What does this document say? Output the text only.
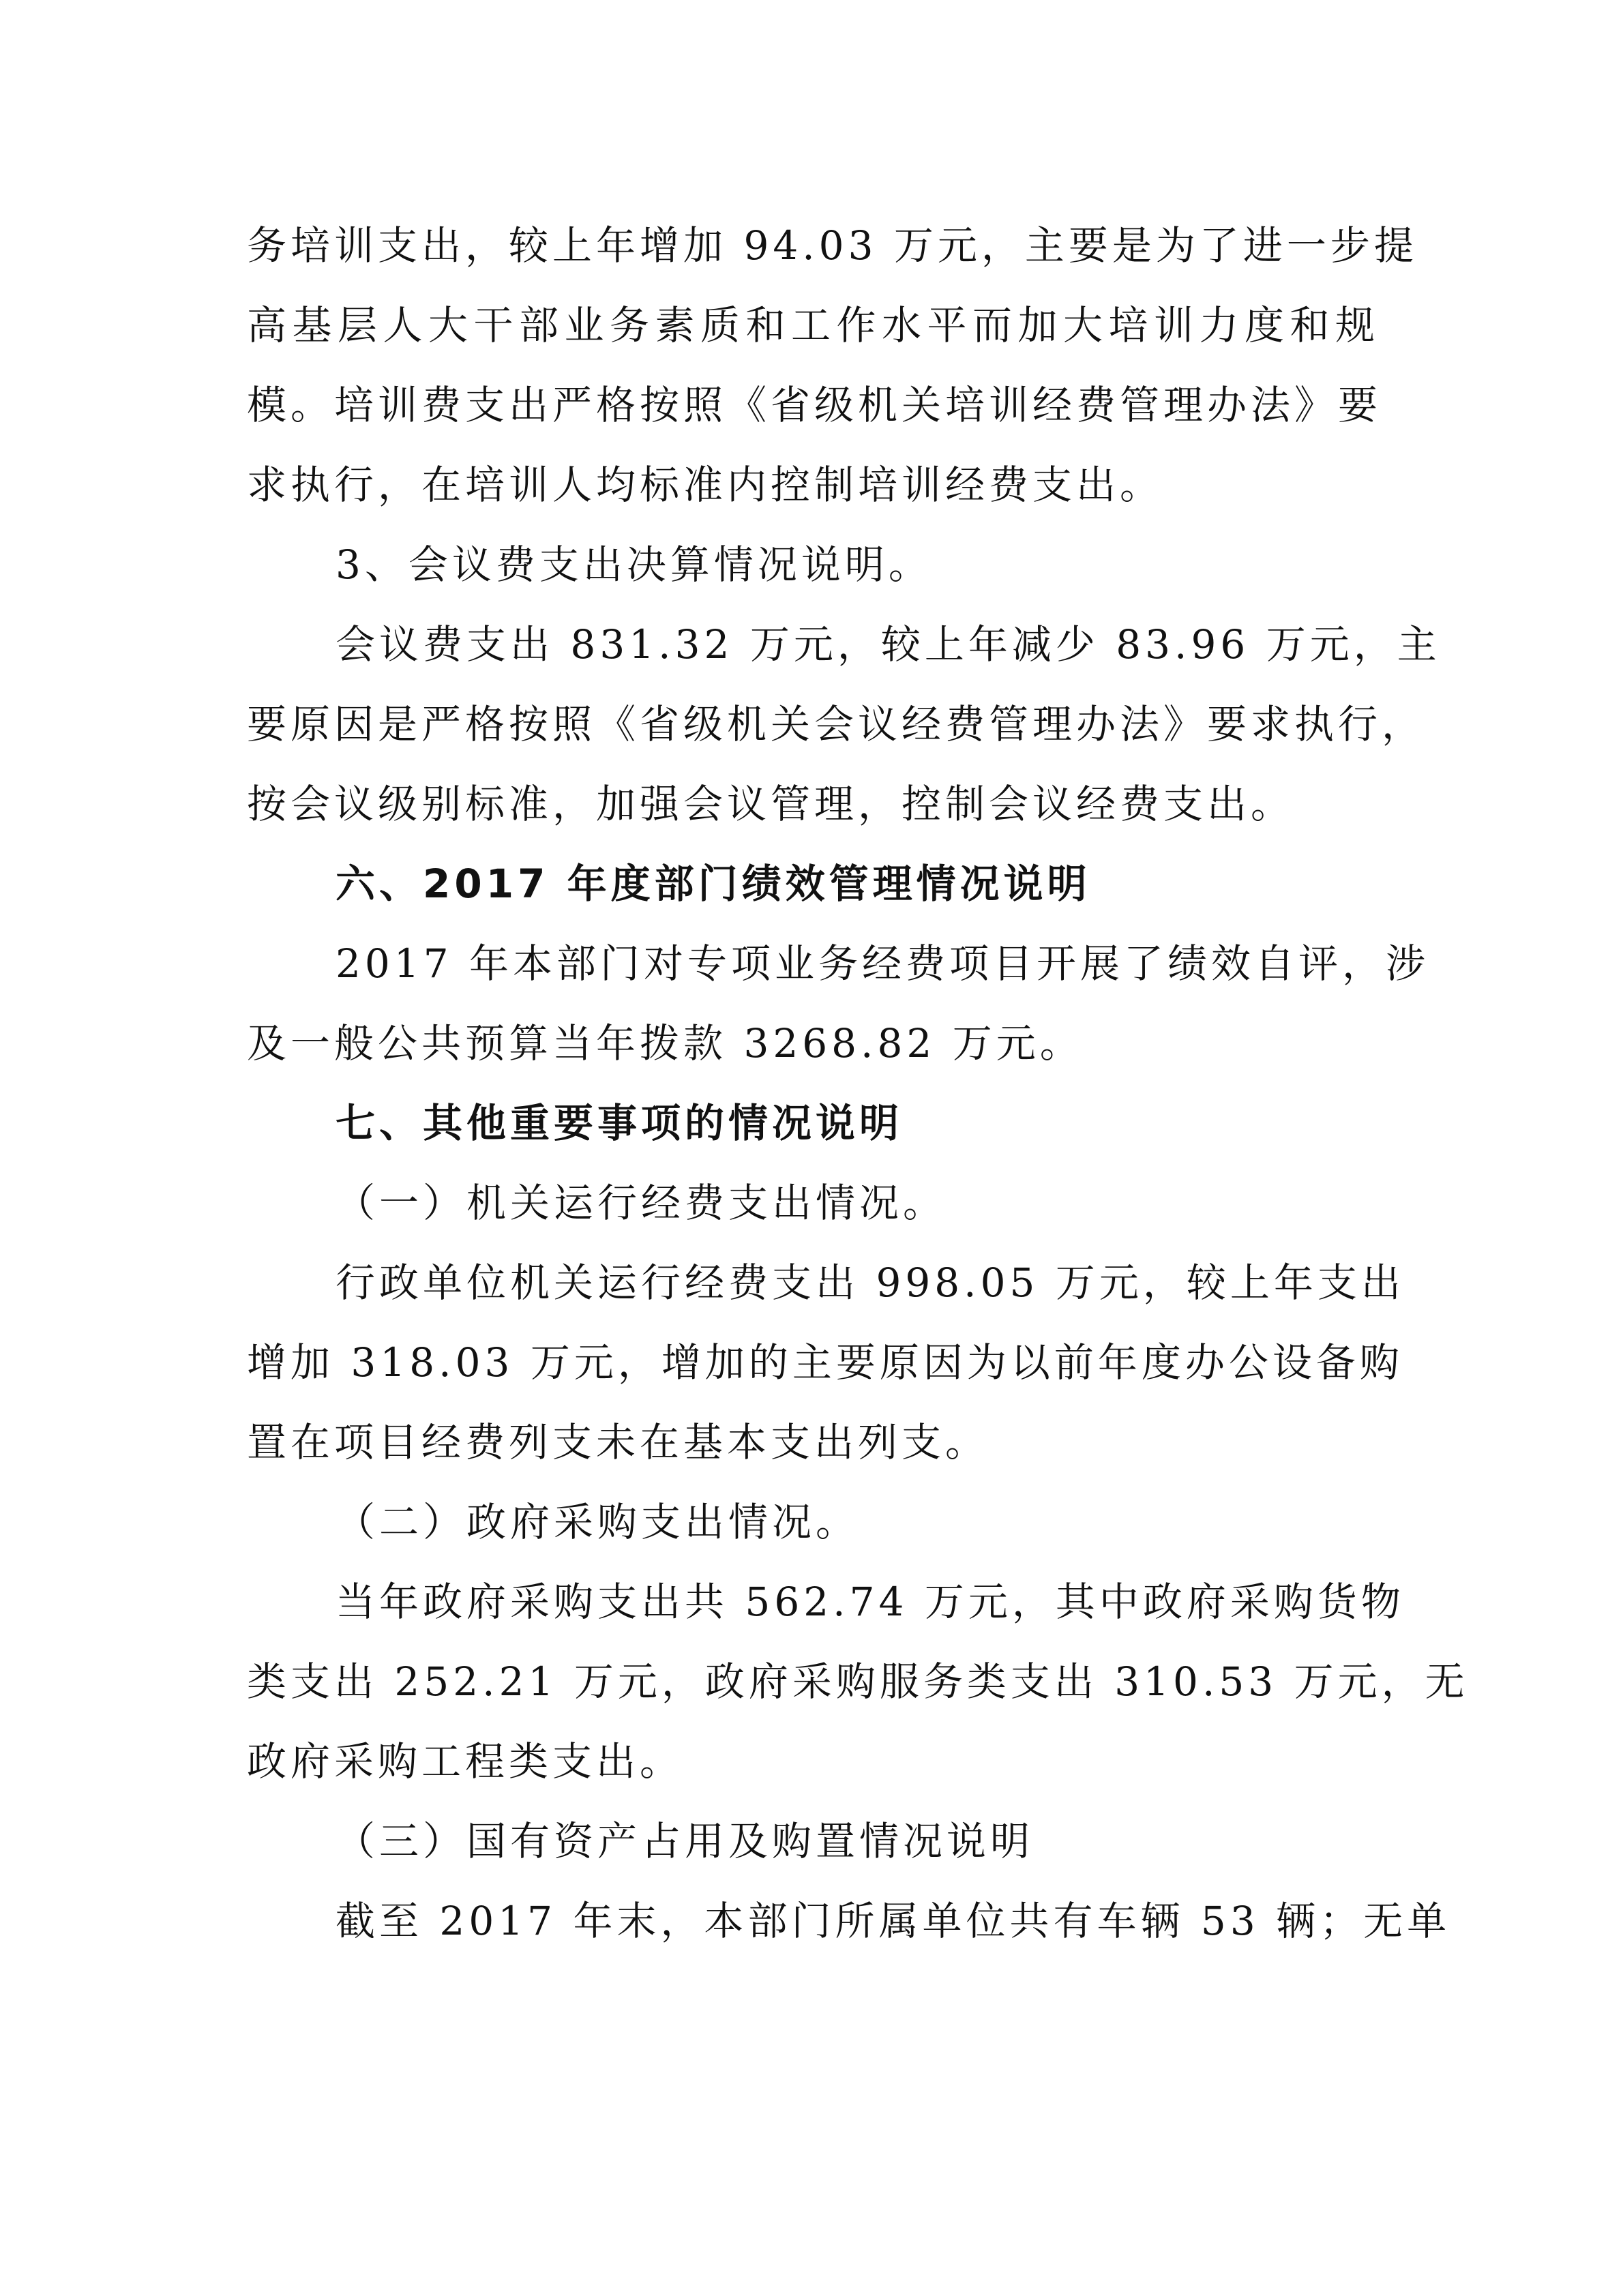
务培训支出，较上年增加 94.03 万元，主要是为了进一步提
高基层人大干部业务素质和工作水平而加大培训力度和规
模。培训费支出严格按照《省级机关培训经费管理办法》要
求执行，在培训人均标准内控制培训经费支出。
3、会议费支出决算情况说明。
会议费支出 831.32 万元，较上年减少 83.96 万元，主
要原因是严格按照《省级机关会议经费管理办法》要求执行，
按会议级别标准，加强会议管理，控制会议经费支出。
六、2017 年度部门绩效管理情况说明
2017 年本部门对专项业务经费项目开展了绩效自评，涉
及一般公共预算当年拨款 3268.82 万元。
七、其他重要事项的情况说明
（一）机关运行经费支出情况。
行政单位机关运行经费支出 998.05 万元，较上年支出
增加 318.03 万元，增加的主要原因为以前年度办公设备购
置在项目经费列支未在基本支出列支。
（二）政府采购支出情况。
当年政府采购支出共 562.74 万元，其中政府采购货物
类支出 252.21 万元，政府采购服务类支出 310.53 万元，无
政府采购工程类支出。
（三）国有资产占用及购置情况说明
截至 2017 年末，本部门所属单位共有车辆 53 辆；无单
